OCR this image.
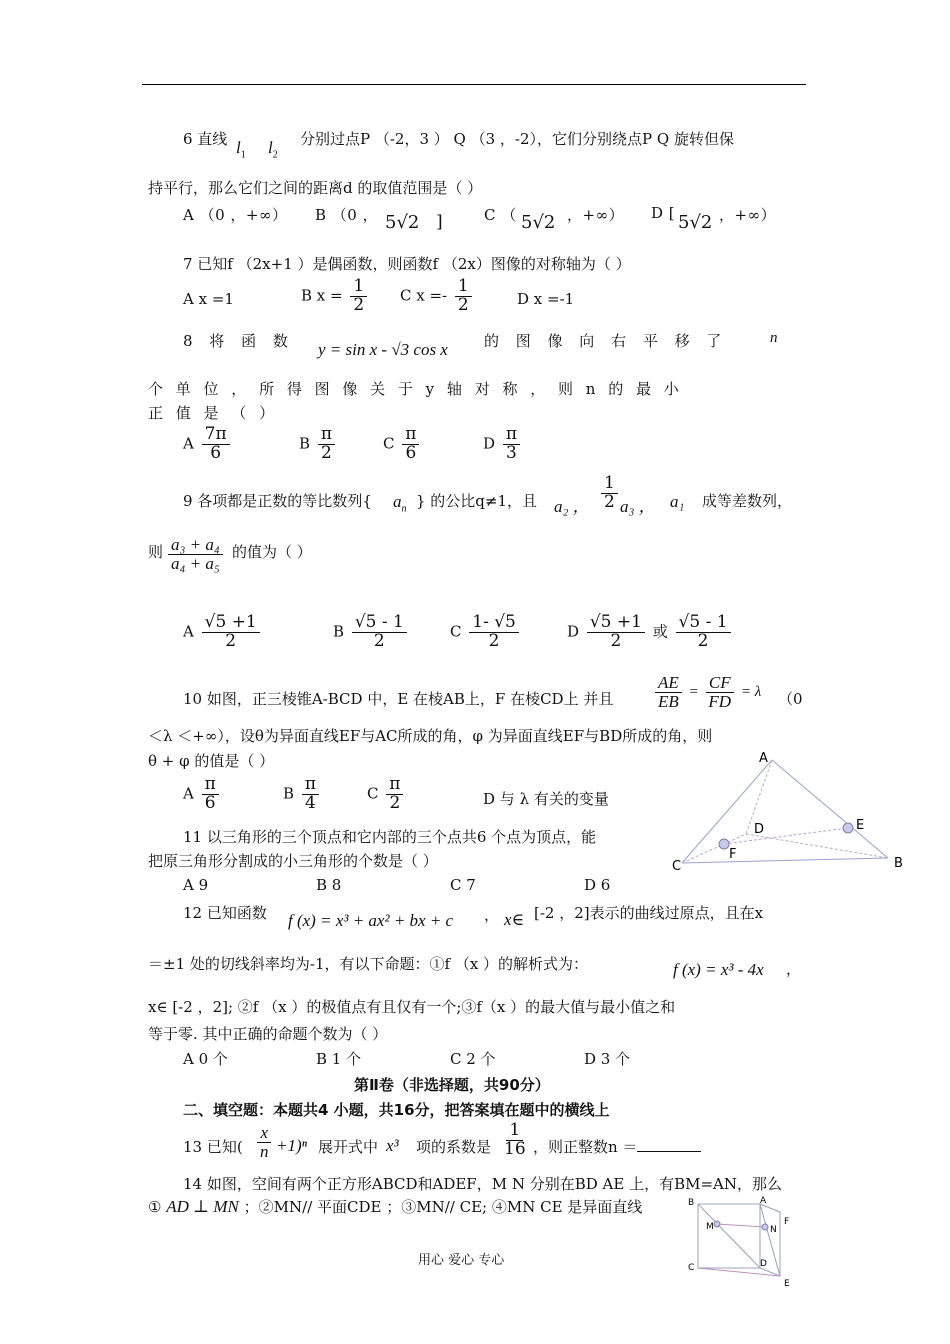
6 直线 $l_1$ $l_2$
分别过点P （-2，3 ） Q （3 ，-2），它们分别绕点P Q 旋转但保
持平行，那么它们之间的距离d 的取值范围是（ ）
A （0 ，+∞） B （0 ， 5√2 ]	C （ 5√2 ，+∞） D [ 5√2 ，+∞）
7 已知f （2x+1 ）是偶函数，则函数f （2x）图像的对称轴为（ ）
A x =1	B $x = \frac{1}{2}$ C $x =- \frac{1}{2}$	D x =-1
8 将 函 数 y = sin x - √3 cos x 的 图 像 向 右 平 移 了	n
个 单 位 ， 所 得 图 像 关 于 y 轴 对 称 ， 则 n 的 最 小
正 值 是 （ ）
A $\frac{7\pi}{6}$	B $\frac{\pi}{2}$	C $\frac{\pi}{6}$	D $\frac{\pi}{3}$
9 各项都是正数的等比数列{ $a_n$ } 的公比q≠1，且 a₂ ， $\frac{1}{2} a_3$ ， a₁ 成等差数列，
则 $\frac{\text{a₃ + a₄}}{\text{a₄ + a₅}}$ 的值为（ ）
A $\frac{√5 +1}{2}$	B $\frac{√5 - 1}{2}$	C $\frac{1- √5}{2}$	D $\frac{√5 +1}{2}$ 或 $\frac{√5 - 1}{2}$
10 如图，正三棱锥A-BCD 中，E 在棱AB上，F 在棱CD上 并且 $\frac{AE}{EB} = \frac{CF}{FD} = \lambda$ （0
＜λ ＜+∞），设θ为异面直线EF与AC所成的角，φ 为异面直线EF与BD所成的角，则
θ + φ 的值是（ ）
A $\frac{\pi}{6}$	B $\frac{\pi}{4}$	C $\frac{\pi}{2}$	D 与 λ 有关的变量
A
B
C
D	E
F
11 以三角形的三个顶点和它内部的三个点共6 个点为顶点，能
把原三角形分割成的小三角形的个数是（ ）
A 9	B 8	C 7	D 6
12 已知函数 f (x) = x³ + ax² + bx + c ， x∈ [-2 ，2]表示的曲线过原点，且在x
＝±1 处的切线斜率均为-1，有以下命题：①f （x ）的解析式为：	f (x) = x³ - 4x ，
x∈ [-2 ，2]; ②f （x ）的极值点有且仅有一个;③f（x ）的最大值与最小值之和
等于零. 其中正确的命题个数为（ ）
A 0 个	B 1 个	C 2 个	D 3 个
第Ⅱ卷（非选择题，共90分）
二、填空题：本题共4 小题，共16分，把答案填在题中的横线上
13 已知( $\frac{x}{n} +1)^n$ 展开式中 x³ 项的系数是 $\frac{1}{16}$ ，则正整数n ＝
14 如图，空间有两个正方形ABCD和ADEF，M N 分别在BD AE 上，有BM=AN，那么
① AD ⊥ MN ；②MN// 平面CDE ；③MN// CE; ④MN CE 是异面直线	B	A
M	N
F
C	D
E
用心 爱心 专心
